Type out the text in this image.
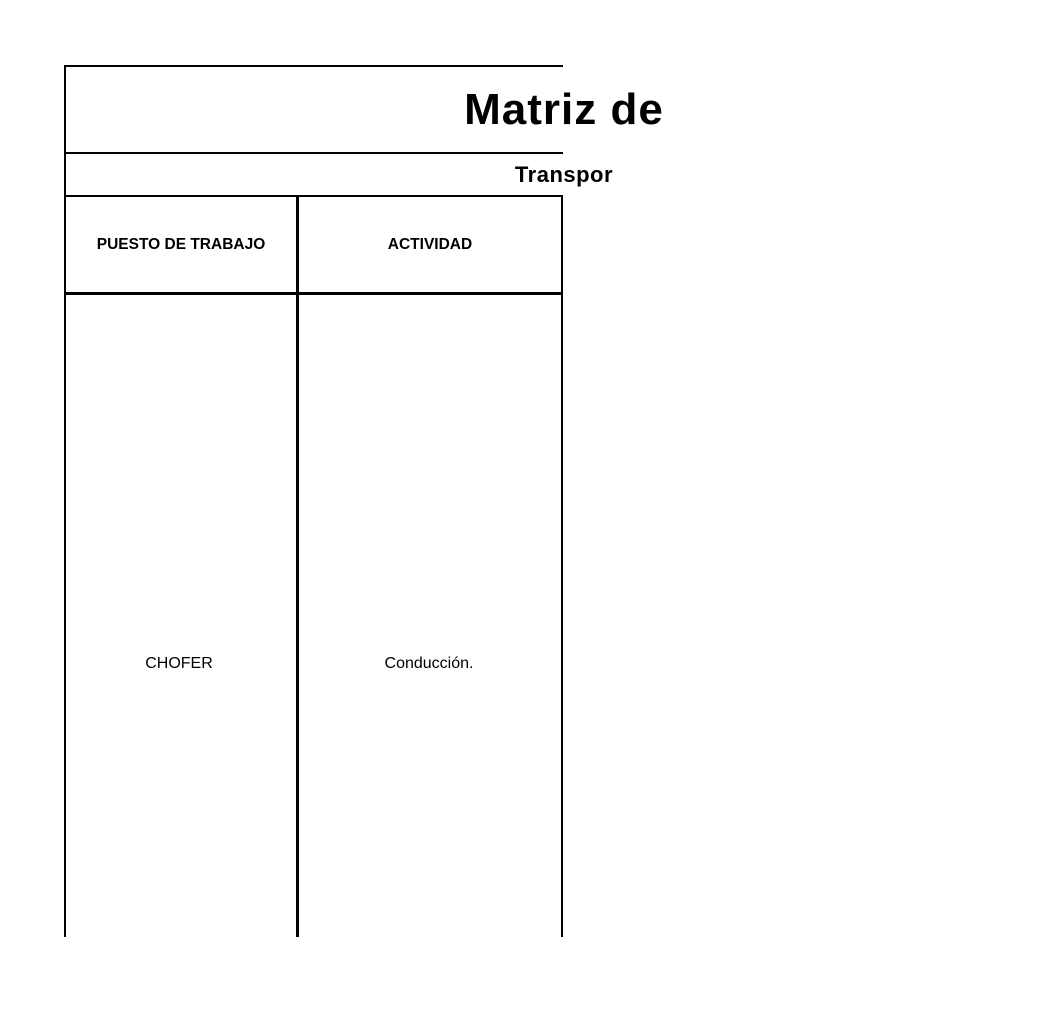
Matriz de
Transpor
PUESTO DE TRABAJO	ACTIVIDAD
CHOFER	Conducción.
